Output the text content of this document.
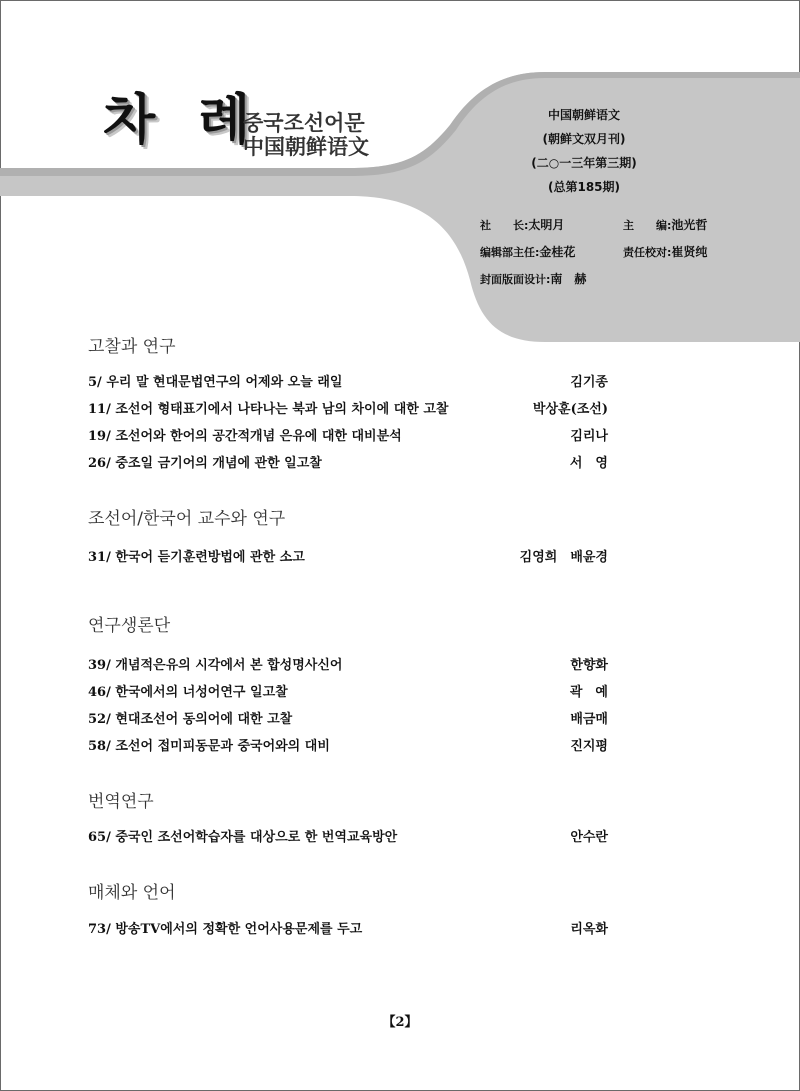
차 례
중국조선어문
中国朝鲜语文
中国朝鲜语文
(朝鲜文双月刊)
(二○一三年第三期)
(总第185期)
社　　长:太明月	主　　编:池光哲
编辑部主任:金桂花	责任校对:崔贤纯
封面版面设计:南　赫
고찰과 연구
5/ 우리 말 현대문법연구의 어제와 오늘 래일	김기종
11/ 조선어 형태표기에서 나타나는 북과 남의 차이에 대한 고찰	박상훈(조선)
19/ 조선어와 한어의 공간적개념 은유에 대한 대비분석	김리나
26/ 중조일 금기어의 개념에 관한 일고찰	서　영
조선어/한국어 교수와 연구
31/ 한국어 듣기훈련방법에 관한 소고	김영희　배윤경
연구생론단
39/ 개념적은유의 시각에서 본 합성명사신어	한향화
46/ 한국에서의 너성어연구 일고찰	곽　예
52/ 현대조선어 동의어에 대한 고찰	배금매
58/ 조선어 접미피동문과 중국어와의 대비	진지평
번역연구
65/ 중국인 조선어학습자를 대상으로 한 번역교육방안	안수란
매체와 언어
73/ 방송TV에서의 정확한 언어사용문제를 두고	리옥화
【2】
